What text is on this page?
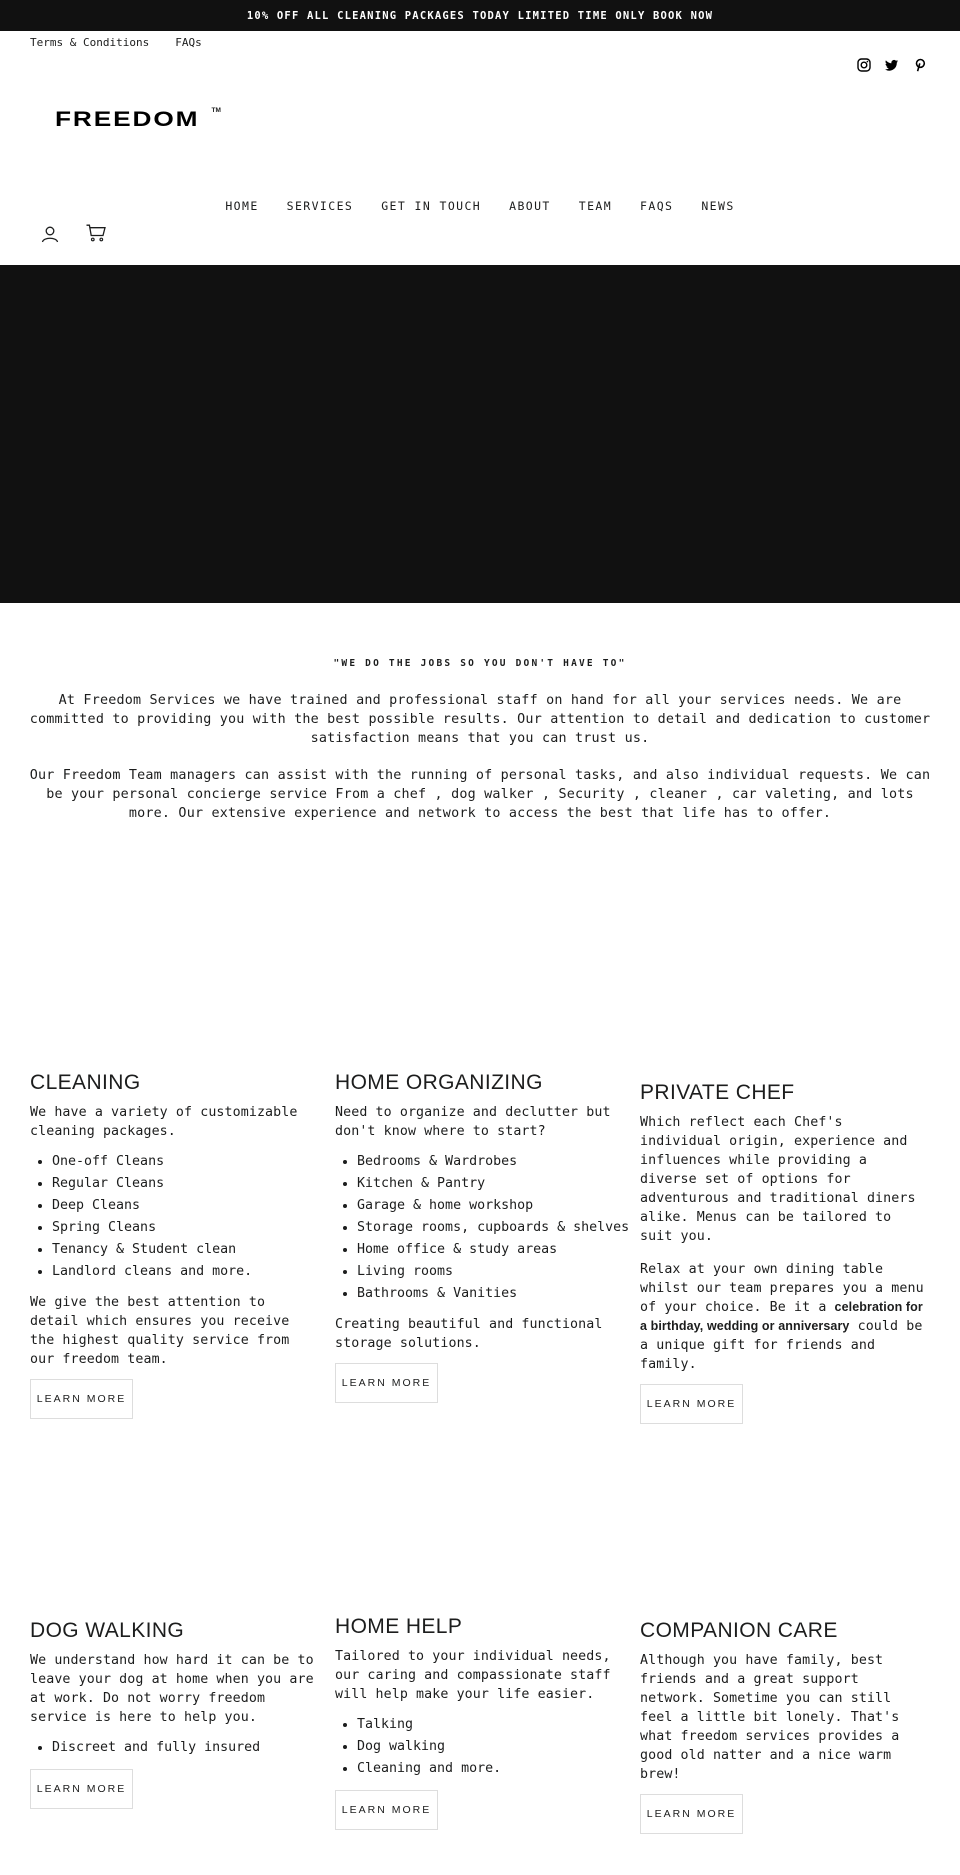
10% OFF ALL CLEANING PACKAGES TODAY LIMITED TIME ONLY BOOK NOW
Terms & Conditions FAQs
FREEDOM TM
HOME	SERVICES	GET IN TOUCH	ABOUT	TEAM	FAQS	NEWS
"WE DO THE JOBS SO YOU DON'T HAVE TO"

At Freedom Services we have trained and professional staff on hand for all your services needs. We are committed to providing you with the best possible results. Our attention to detail and dedication to customer satisfaction means that you can trust us.

Our Freedom Team managers can assist with the running of personal tasks, and also individual requests. We can be your personal concierge service From a chef , dog walker , Security , cleaner , car valeting, and lots more. Our extensive experience and network to access the best that life has to offer.

CLEANING

We have a variety of customizable cleaning packages.

• One-off Cleans
• Regular Cleans
• Deep Cleans
• Spring Cleans
• Tenancy & Student clean
• Landlord cleans and more.

We give the best attention to detail which ensures you receive the highest quality service from our freedom team.

LEARN MORE
HOME ORGANIZING

Need to organize and declutter but don't know where to start?

• Bedrooms & Wardrobes
• Kitchen & Pantry
• Garage & home workshop
• Storage rooms, cupboards & shelves
• Home office & study areas
• Living rooms
• Bathrooms & Vanities

Creating beautiful and functional storage solutions.

LEARN MORE
PRIVATE CHEF

Which reflect each Chef's individual origin, experience and influences while providing a diverse set of options for adventurous and traditional diners alike. Menus can be tailored to suit you.

Relax at your own dining table whilst our team prepares you a menu of your choice. Be it a celebration for a birthday, wedding or anniversary could be a unique gift for friends and family.

LEARN MORE
DOG WALKING

We understand how hard it can be to leave your dog at home when you are at work. Do not worry freedom service is here to help you.

• Discreet and fully insured
LEARN MORE
HOME HELP

Tailored to your individual needs, our caring and compassionate staff will help make your life easier.

• Talking
• Dog walking
• Cleaning and more.
LEARN MORE
COMPANION CARE

Although you have family, best friends and a great support network. Sometime you can still feel a little bit lonely. That's what freedom services provides a good old natter and a nice warm brew!

LEARN MORE
